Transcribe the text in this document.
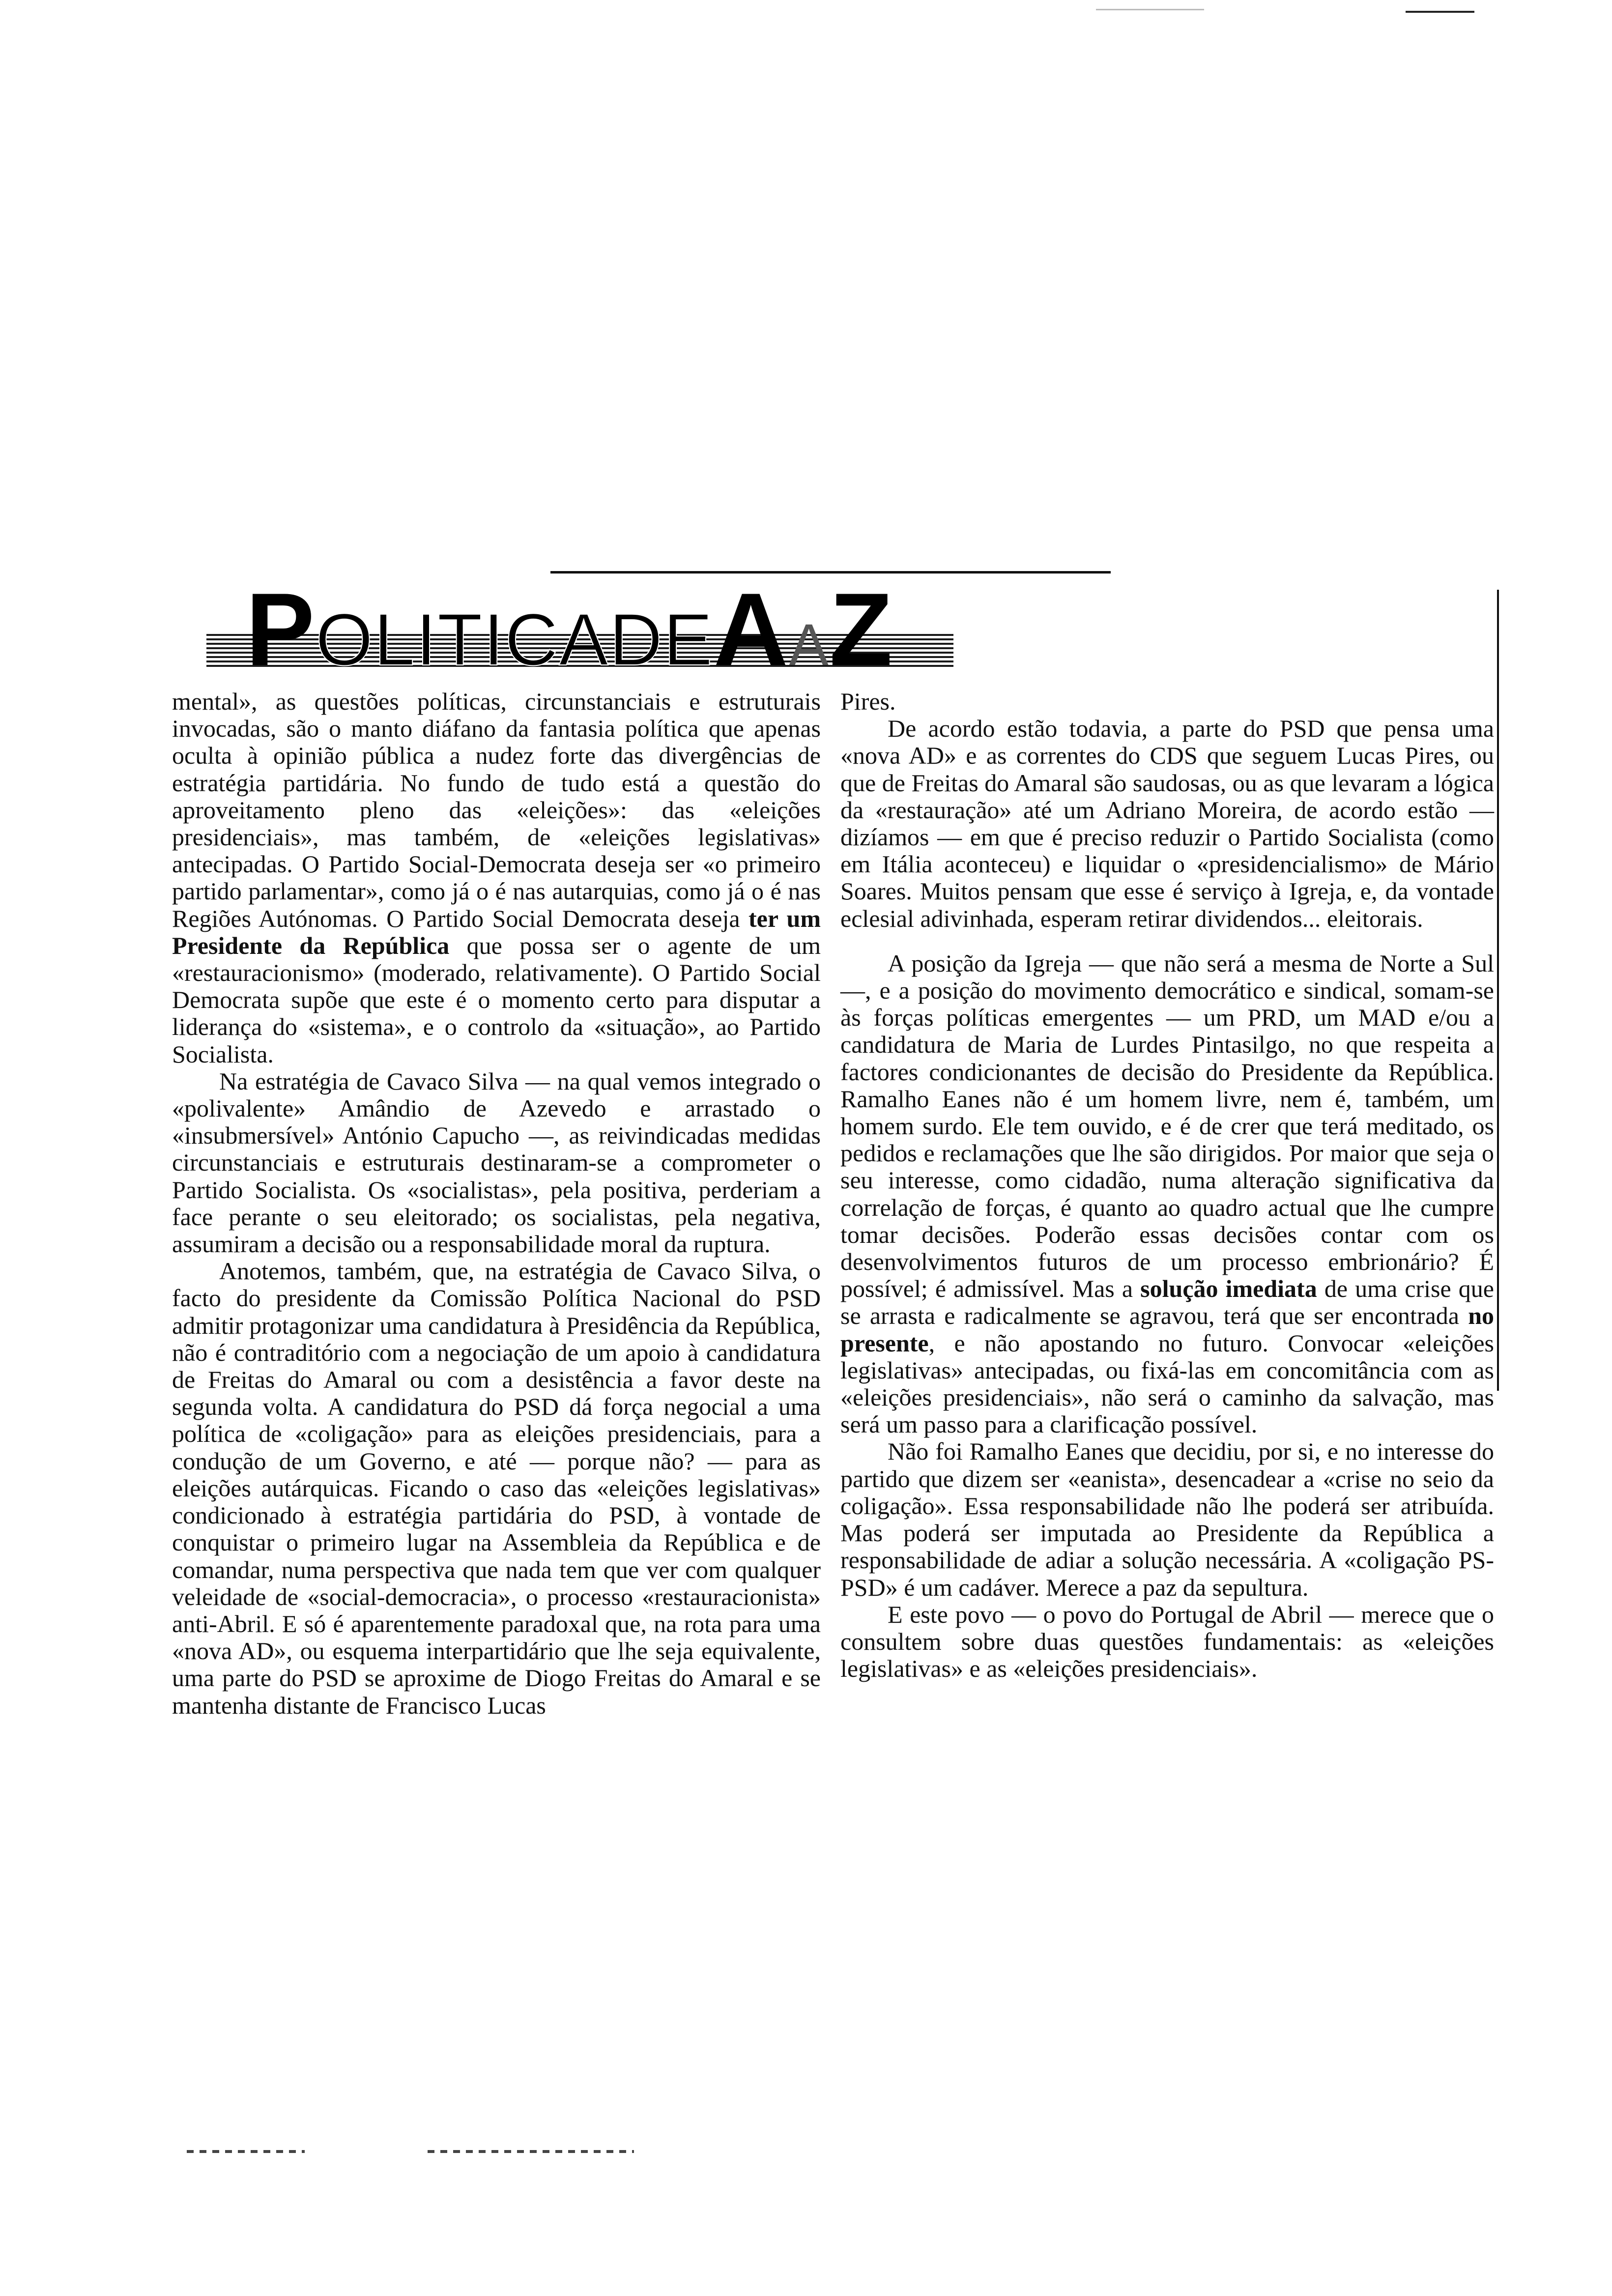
POLITICADEAAZ

mental», as questões políticas, circunstanciais e estruturais invocadas, são o manto diáfano da fantasia política que apenas oculta à opinião pública a nudez forte das divergências de estratégia partidária. No fundo de tudo está a questão do aproveitamento pleno das «eleições»: das «eleições presidenciais», mas também, de «eleições legislativas» antecipadas. O Partido Social-Democrata deseja ser «o primeiro partido parlamentar», como já o é nas autarquias, como já o é nas Regiões Autónomas. O Partido Social Democrata deseja ter um Presidente da República que possa ser o agente de um «restauracionismo» (moderado, relativamente). O Partido Social Democrata supõe que este é o momento certo para disputar a liderança do «sistema», e o controlo da «situação», ao Partido Socialista.

Na estratégia de Cavaco Silva — na qual vemos integrado o «polivalente» Amândio de Azevedo e arrastado o «insubmersível» António Capucho —, as reivindicadas medidas circunstanciais e estruturais destinaram-se a comprometer o Partido Socialista. Os «socialistas», pela positiva, perderiam a face perante o seu eleitorado; os socialistas, pela negativa, assumiram a decisão ou a responsabilidade moral da ruptura.

Anotemos, também, que, na estratégia de Cavaco Silva, o facto do presidente da Comissão Política Nacional do PSD admitir protagonizar uma candidatura à Presidência da República, não é contraditório com a negociação de um apoio à candidatura de Freitas do Amaral ou com a desistência a favor deste na segunda volta. A candidatura do PSD dá força negocial a uma política de «coligação» para as eleições presidenciais, para a condução de um Governo, e até — porque não? — para as eleições autárquicas. Ficando o caso das «eleições legislativas» condicionado à estratégia partidária do PSD, à vontade de conquistar o primeiro lugar na Assembleia da República e de comandar, numa perspectiva que nada tem que ver com qualquer veleidade de «social-democracia», o processo «restauracionista» anti-Abril. E só é aparentemente paradoxal que, na rota para uma «nova AD», ou esquema interpartidário que lhe seja equivalente, uma parte do PSD se aproxime de Diogo Freitas do Amaral e se mantenha distante de Francisco Lucas

Pires.

De acordo estão todavia, a parte do PSD que pensa uma «nova AD» e as correntes do CDS que seguem Lucas Pires, ou que de Freitas do Amaral são saudosas, ou as que levaram a lógica da «restauração» até um Adriano Moreira, de acordo estão — dizíamos — em que é preciso reduzir o Partido Socialista (como em Itália aconteceu) e liquidar o «presidencialismo» de Mário Soares. Muitos pensam que esse é serviço à Igreja, e, da vontade eclesial adivinhada, esperam retirar dividendos... eleitorais.

A posição da Igreja — que não será a mesma de Norte a Sul —, e a posição do movimento democrático e sindical, somam-se às forças políticas emergentes — um PRD, um MAD e/ou a candidatura de Maria de Lurdes Pintasilgo, no que respeita a factores condicionantes de decisão do Presidente da República. Ramalho Eanes não é um homem livre, nem é, também, um homem surdo. Ele tem ouvido, e é de crer que terá meditado, os pedidos e reclamações que lhe são dirigidos. Por maior que seja o seu interesse, como cidadão, numa alteração significativa da correlação de forças, é quanto ao quadro actual que lhe cumpre tomar decisões. Poderão essas decisões contar com os desenvolvimentos futuros de um processo embrionário? É possível; é admissível. Mas a solução imediata de uma crise que se arrasta e radicalmente se agravou, terá que ser encontrada no presente, e não apostando no futuro. Convocar «eleições legislativas» antecipadas, ou fixá-las em concomitância com as «eleições presidenciais», não será o caminho da salvação, mas será um passo para a clarificação possível.

Não foi Ramalho Eanes que decidiu, por si, e no interesse do partido que dizem ser «eanista», desencadear a «crise no seio da coligação». Essa responsabilidade não lhe poderá ser atribuída. Mas poderá ser imputada ao Presidente da República a responsabilidade de adiar a solução necessária. A «coligação PS-PSD» é um cadáver. Merece a paz da sepultura.

E este povo — o povo do Portugal de Abril — merece que o consultem sobre duas questões fundamentais: as «eleições legislativas» e as «eleições presidenciais».
